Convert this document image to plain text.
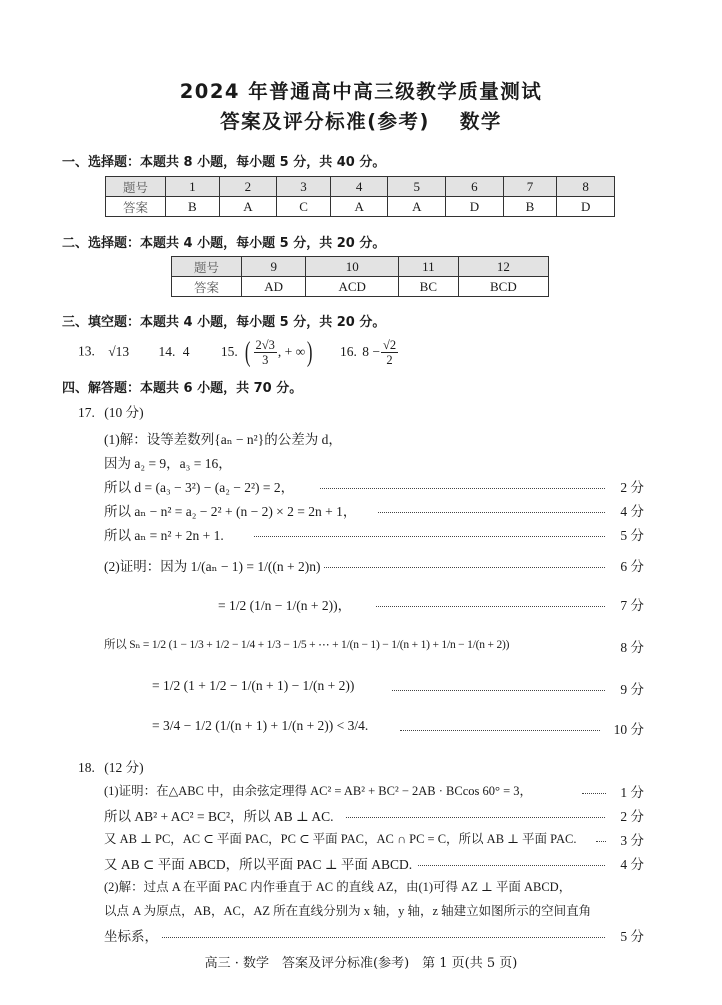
2024 年普通高中高三级教学质量测试
答案及评分标准(参考) 数学
一、选择题：本题共 8 小题，每小题 5 分，共 40 分。
题号	1	2	3	4	5	6	7	8
答案	B	A	C	A	A	D	B	D
二、选择题：本题共 4 小题，每小题 5 分，共 20 分。
题号	9	10	11	12
答案	AD	ACD	BC	BCD
三、填空题：本题共 4 小题，每小题 5 分，共 20 分。
13. √13 14. 4 15. ( $\frac{2√3}{3}$ , + ∞) 16. $8 - \frac{√2}{2}$
四、解答题：本题共 6 小题，共 70 分。
17. (10 分)
(1)解：设等差数列{aₙ − n²}的公差为 d，
因为 a₂ = 9，a₃ = 16，
所以 d = (a₃ − 3²) − (a₂ − 2²) = 2，	2 分
所以 aₙ − n² = a₂ − 2² + (n − 2) × 2 = 2n + 1，	4 分
所以 aₙ = n² + 2n + 1.	5 分
(2)证明：因为 1/(aₙ − 1) = 1/((n + 2)n)	6 分
= 1/2 (1/n − 1/(n + 2))，	7 分
所以 Sₙ = 1/2 (1 − 1/3 + 1/2 − 1/4 + 1/3 − 1/5 + ⋯ + 1/(n − 1) − 1/(n + 1) + 1/n − 1/(n + 2))	8 分
= 1/2 (1 + 1/2 − 1/(n + 1) − 1/(n + 2))	9 分
= 3/4 − 1/2 (1/(n + 1) + 1/(n + 2)) < 3/4.	10 分
18. (12 分)
(1)证明：在△ABC 中，由余弦定理得 AC² = AB² + BC² − 2AB · BCcos 60° = 3，	1 分
所以 AB² + AC² = BC²，所以 AB ⊥ AC.	2 分
又 AB ⊥ PC，AC ⊂ 平面 PAC，PC ⊂ 平面 PAC，AC ∩ PC = C，所以 AB ⊥ 平面 PAC.	3 分
又 AB ⊂ 平面 ABCD，所以平面 PAC ⊥ 平面 ABCD.	4 分
(2)解：过点 A 在平面 PAC 内作垂直于 AC 的直线 AZ，由(1)可得 AZ ⊥ 平面 ABCD，
以点 A 为原点，AB，AC，AZ 所在直线分别为 x 轴，y 轴，z 轴建立如图所示的空间直角
坐标系，	5 分
高三 · 数学　答案及评分标准(参考)　第 1 页(共 5 页)
